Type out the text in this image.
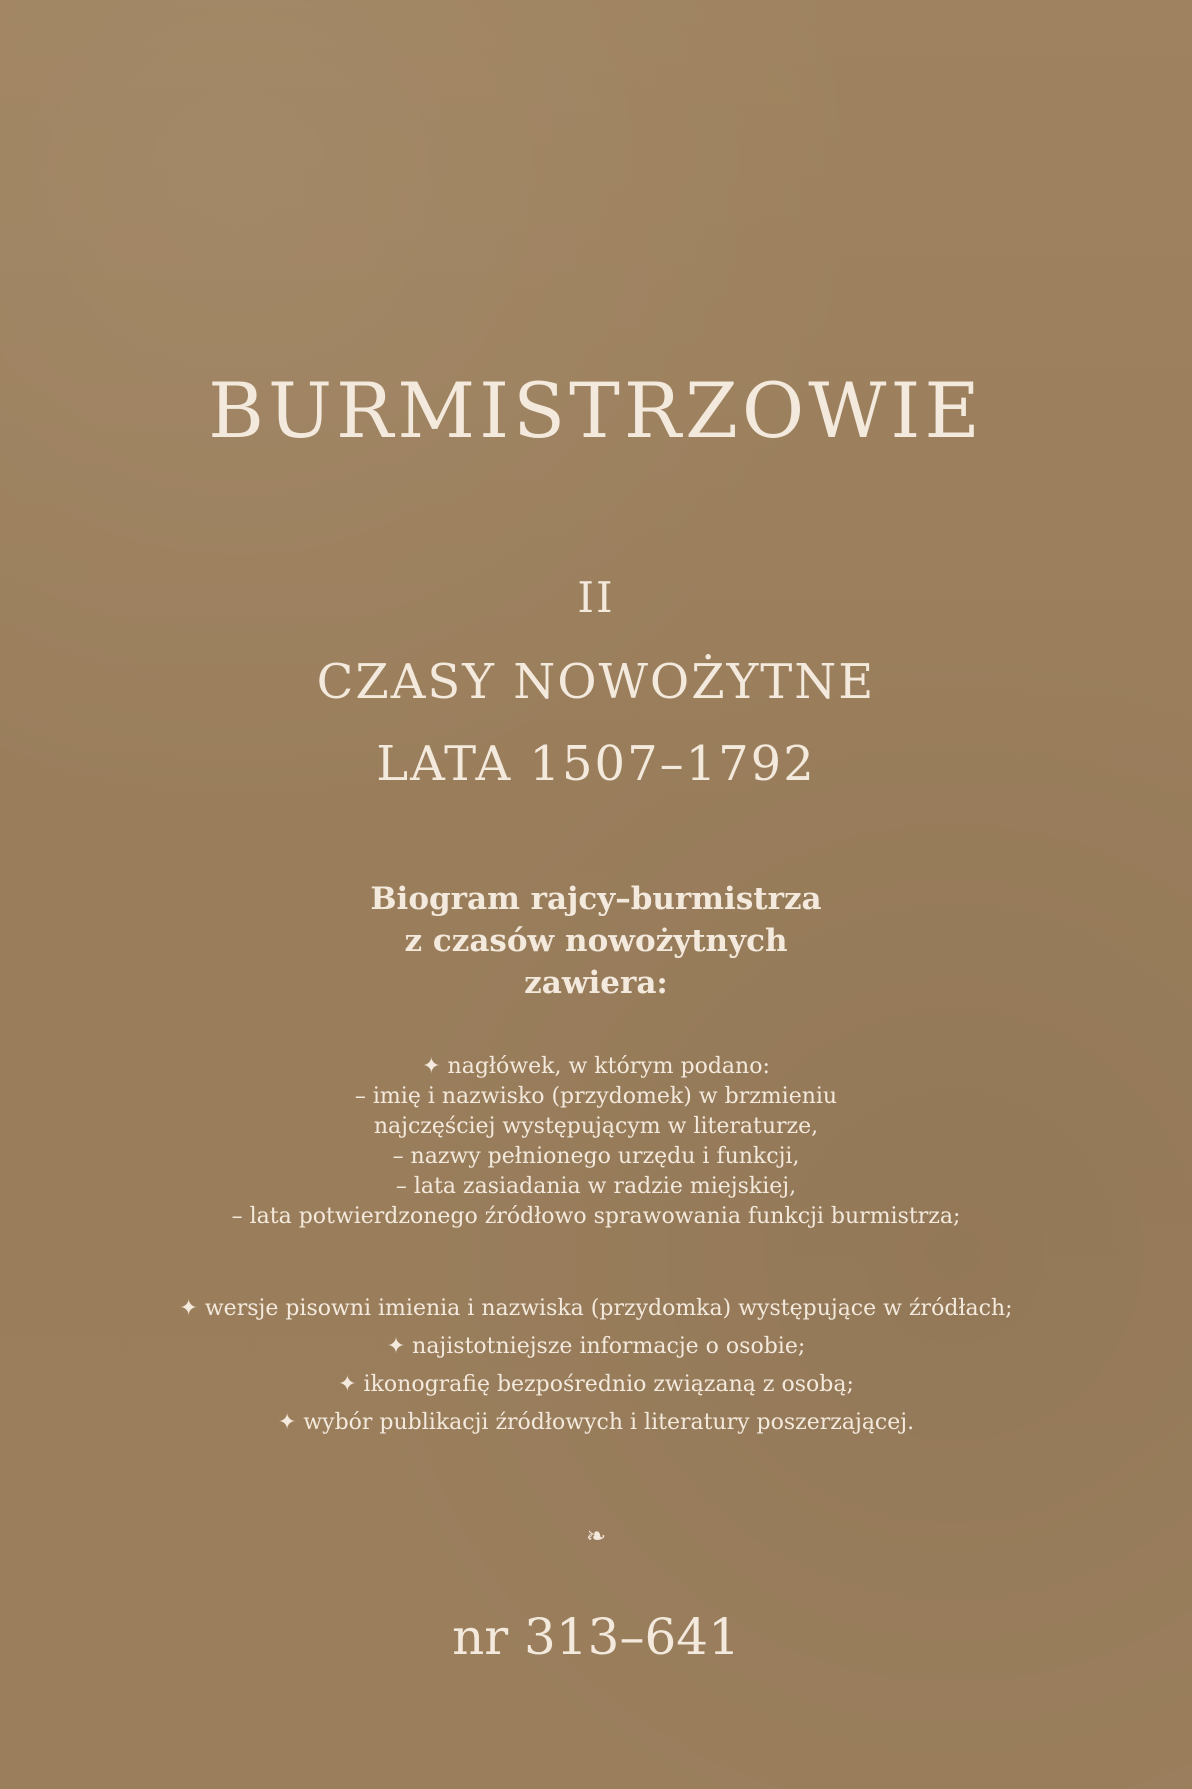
BURMISTRZOWIE
II
CZASY NOWOŻYTNE
LATA 1507–1792
Biogram rajcy–burmistrza
z czasów nowożytnych
zawiera:
✦ nagłówek, w którym podano:
– imię i nazwisko (przydomek) w brzmieniu
najczęściej występującym w literaturze,
– nazwy pełnionego urzędu i funkcji,
– lata zasiadania w radzie miejskiej,
– lata potwierdzonego źródłowo sprawowania funkcji burmistrza;
✦ wersje pisowni imienia i nazwiska (przydomka) występujące w źródłach;
✦ najistotniejsze informacje o osobie;
✦ ikonografię bezpośrednio związaną z osobą;
✦ wybór publikacji źródłowych i literatury poszerzającej.
❧
nr 313–641
